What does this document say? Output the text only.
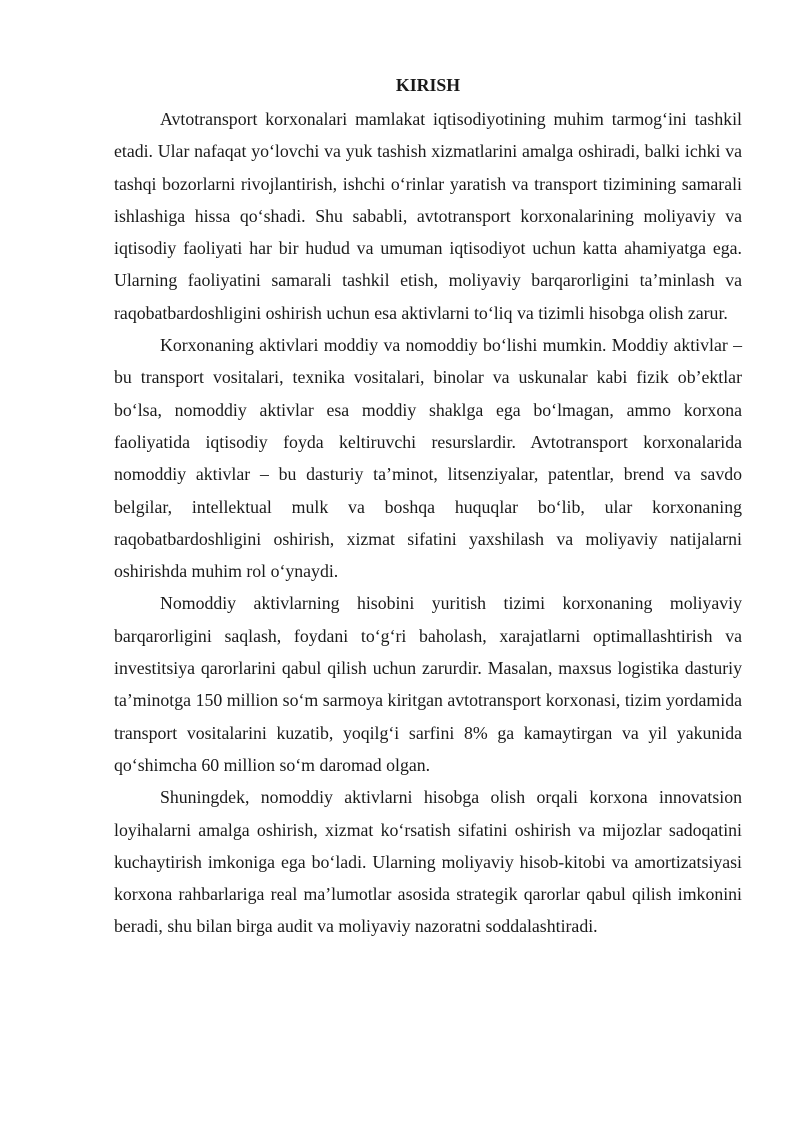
KIRISH

Avtotransport korxonalari mamlakat iqtisodiyotining muhim tarmog‘ini tashkil etadi. Ular nafaqat yo‘lovchi va yuk tashish xizmatlarini amalga oshiradi, balki ichki va tashqi bozorlarni rivojlantirish, ishchi o‘rinlar yaratish va transport tizimining samarali ishlashiga hissa qo‘shadi. Shu sababli, avtotransport korxonalarining moliyaviy va iqtisodiy faoliyati har bir hudud va umuman iqtisodiyot uchun katta ahamiyatga ega. Ularning faoliyatini samarali tashkil etish, moliyaviy barqarorligini ta’minlash va raqobatbardoshligini oshirish uchun esa aktivlarni to‘liq va tizimli hisobga olish zarur.

Korxonaning aktivlari moddiy va nomoddiy bo‘lishi mumkin. Moddiy aktivlar – bu transport vositalari, texnika vositalari, binolar va uskunalar kabi fizik ob’ektlar bo‘lsa, nomoddiy aktivlar esa moddiy shaklga ega bo‘lmagan, ammo korxona faoliyatida iqtisodiy foyda keltiruvchi resurslardir. Avtotransport korxonalarida nomoddiy aktivlar – bu dasturiy ta’minot, litsenziyalar, patentlar, brend va savdo belgilar, intellektual mulk va boshqa huquqlar bo‘lib, ular korxonaning raqobatbardoshligini oshirish, xizmat sifatini yaxshilash va moliyaviy natijalarni oshirishda muhim rol o‘ynaydi.

Nomoddiy aktivlarning hisobini yuritish tizimi korxonaning moliyaviy barqarorligini saqlash, foydani to‘g‘ri baholash, xarajatlarni optimallashtirish va investitsiya qarorlarini qabul qilish uchun zarurdir. Masalan, maxsus logistika dasturiy ta’minotga 150 million so‘m sarmoya kiritgan avtotransport korxonasi, tizim yordamida transport vositalarini kuzatib, yoqilg‘i sarfini 8% ga kamaytirgan va yil yakunida qo‘shimcha 60 million so‘m daromad olgan.

Shuningdek, nomoddiy aktivlarni hisobga olish orqali korxona innovatsion loyihalarni amalga oshirish, xizmat ko‘rsatish sifatini oshirish va mijozlar sadoqatini kuchaytirish imkoniga ega bo‘ladi. Ularning moliyaviy hisob-kitobi va amortizatsiyasi korxona rahbarlariga real ma’lumotlar asosida strategik qarorlar qabul qilish imkonini beradi, shu bilan birga audit va moliyaviy nazoratni soddalashtiradi.
